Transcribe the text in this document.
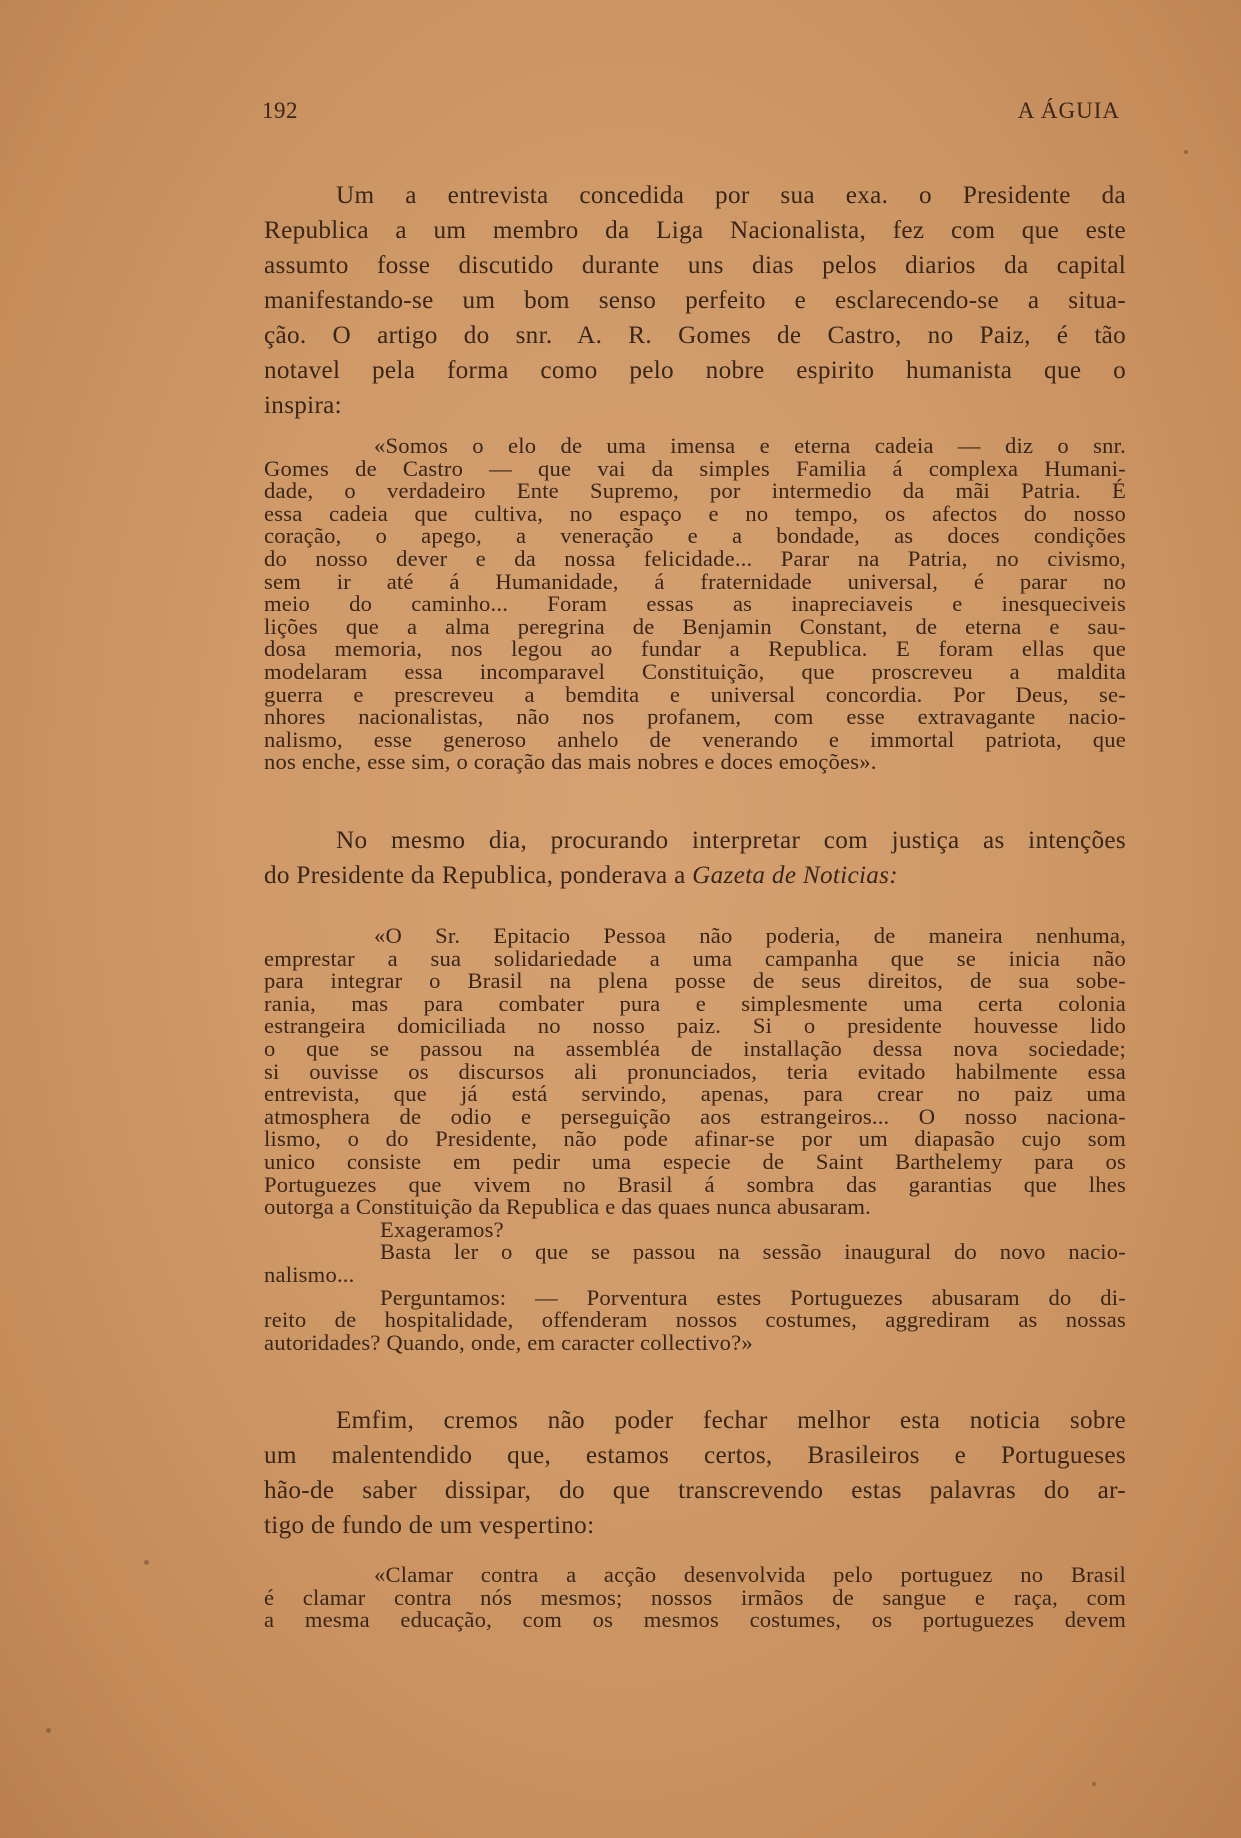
192	A ÁGUIA
Um a entrevista concedida por sua exa. o Presidente da
Republica a um membro da Liga Nacionalista, fez com que este
assumto fosse discutido durante uns dias pelos diarios da capital
manifestando-se um bom senso perfeito e esclarecendo-se a situa-
ção. O artigo do snr. A. R. Gomes de Castro, no Paiz, é tão
notavel pela forma como pelo nobre espirito humanista que o
inspira:
«Somos o elo de uma imensa e eterna cadeia — diz o snr.
Gomes de Castro — que vai da simples Familia á complexa Humani-
dade, o verdadeiro Ente Supremo, por intermedio da mãi Patria. É
essa cadeia que cultiva, no espaço e no tempo, os afectos do nosso
coração, o apego, a veneração e a bondade, as doces condições
do nosso dever e da nossa felicidade... Parar na Patria, no civismo,
sem ir até á Humanidade, á fraternidade universal, é parar no
meio do caminho... Foram essas as inapreciaveis e inesqueciveis
lições que a alma peregrina de Benjamin Constant, de eterna e sau-
dosa memoria, nos legou ao fundar a Republica. E foram ellas que
modelaram essa incomparavel Constituição, que proscreveu a maldita
guerra e prescreveu a bemdita e universal concordia. Por Deus, se-
nhores nacionalistas, não nos profanem, com esse extravagante nacio-
nalismo, esse generoso anhelo de venerando e immortal patriota, que
nos enche, esse sim, o coração das mais nobres e doces emoções».
No mesmo dia, procurando interpretar com justiça as intenções
do Presidente da Republica, ponderava a Gazeta de Noticias:
«O Sr. Epitacio Pessoa não poderia, de maneira nenhuma,
emprestar a sua solidariedade a uma campanha que se inicia não
para integrar o Brasil na plena posse de seus direitos, de sua sobe-
rania, mas para combater pura e simplesmente uma certa colonia
estrangeira domiciliada no nosso paiz. Si o presidente houvesse lido
o que se passou na assembléa de installação dessa nova sociedade;
si ouvisse os discursos ali pronunciados, teria evitado habilmente essa
entrevista, que já está servindo, apenas, para crear no paiz uma
atmosphera de odio e perseguição aos estrangeiros... O nosso naciona-
lismo, o do Presidente, não pode afinar-se por um diapasão cujo som
unico consiste em pedir uma especie de Saint Barthelemy para os
Portuguezes que vivem no Brasil á sombra das garantias que lhes
outorga a Constituição da Republica e das quaes nunca abusaram.
Exageramos?
Basta ler o que se passou na sessão inaugural do novo nacio-
nalismo...
Perguntamos: — Porventura estes Portuguezes abusaram do di-
reito de hospitalidade, offenderam nossos costumes, aggrediram as nossas
autoridades? Quando, onde, em caracter collectivo?»
Emfim, cremos não poder fechar melhor esta noticia sobre
um malentendido que, estamos certos, Brasileiros e Portugueses
hão-de saber dissipar, do que transcrevendo estas palavras do ar-
tigo de fundo de um vespertino:
«Clamar contra a acção desenvolvida pelo portuguez no Brasil
é clamar contra nós mesmos; nossos irmãos de sangue e raça, com
a mesma educação, com os mesmos costumes, os portuguezes devem
